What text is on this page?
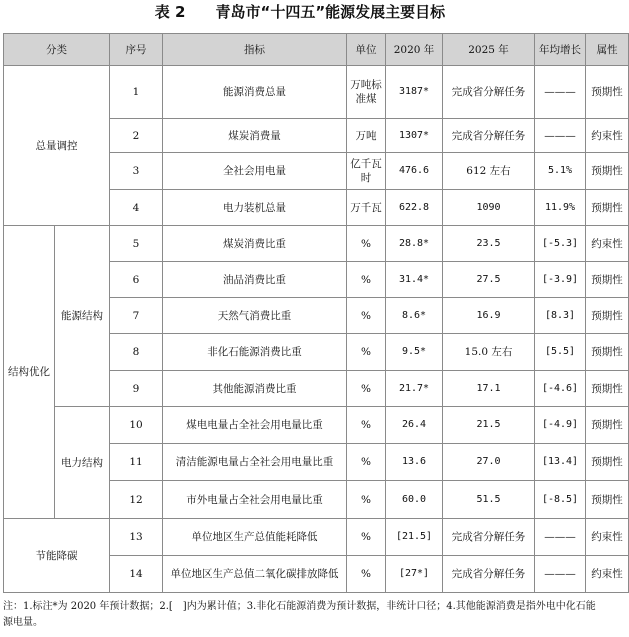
表 2　　青岛市“十四五”能源发展主要目标
分类		序号	指标	单位	2020 年	2025 年	年均增长	属性
总量调控		1	能源消费总量	万吨标准煤	3187*	完成省分解任务	———	预期性
		2	煤炭消费量	万吨	1307*	完成省分解任务	———	约束性
		3	全社会用电量	亿千瓦时	476.6	612 左右	5.1%	预期性
		4	电力装机总量	万千瓦	622.8	1090	11.9%	预期性
结构优化	能源结构	5	煤炭消费比重	%	28.8*	23.5	[-5.3]	约束性
		6	油品消费比重	%	31.4*	27.5	[-3.9]	预期性
		7	天然气消费比重	%	8.6*	16.9	[8.3]	预期性
		8	非化石能源消费比重	%	9.5*	15.0 左右	[5.5]	预期性
		9	其他能源消费比重	%	21.7*	17.1	[-4.6]	预期性
	电力结构	10	煤电电量占全社会用电量比重	%	26.4	21.5	[-4.9]	预期性
		11	清洁能源电量占全社会用电量比重	%	13.6	27.0	[13.4]	预期性
		12	市外电量占全社会用电量比重	%	60.0	51.5	[-8.5]	预期性
节能降碳		13	单位地区生产总值能耗降低	%	[21.5]	完成省分解任务	———	约束性
		14	单位地区生产总值二氧化碳排放降低	%	[27*]	完成省分解任务	———	约束性
注：1.标注*为 2020 年预计数据；2.[　]内为累计值；3.非化石能源消费为预计数据，非统计口径；4.其他能源消费是指外电中化石能源电量。
